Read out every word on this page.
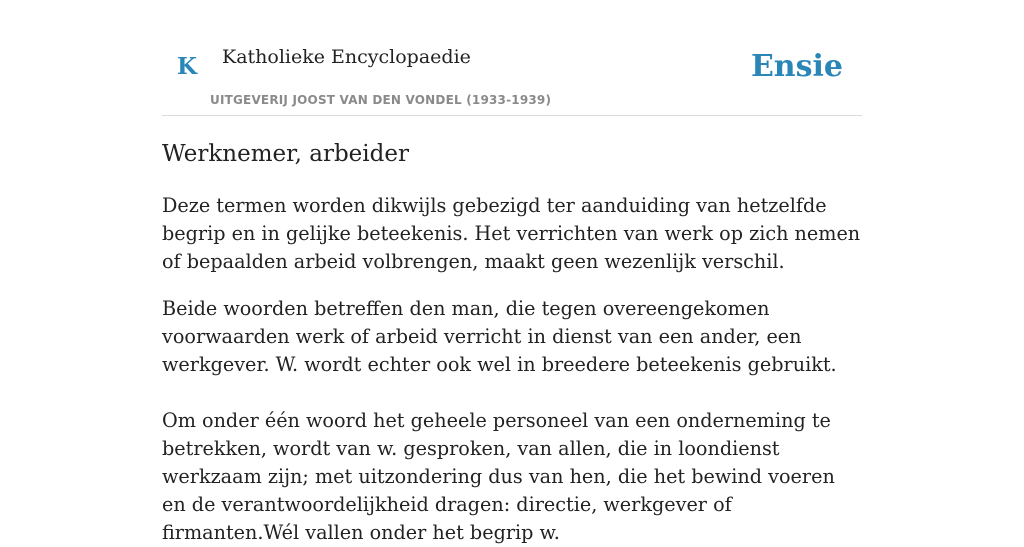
K Katholieke Encyclopaedie
UITGEVERIJ JOOST VAN DEN VONDEL (1933-1939)
Ensie
Werknemer, arbeider

Deze termen worden dikwijls gebezigd ter aanduiding van hetzelfde begrip en in gelijke beteekenis. Het verrichten van werk op zich nemen of bepaalden arbeid volbrengen, maakt geen wezenlijk verschil.

Beide woorden betreffen den man, die tegen overeengekomen voorwaarden werk of arbeid verricht in dienst van een ander, een werkgever. W. wordt echter ook wel in breedere beteekenis gebruikt.

Om onder één woord het geheele personeel van een onderneming te betrekken, wordt van w. gesproken, van allen, die in loondienst werkzaam zijn; met uitzondering dus van hen, die het bewind voeren en de verantwoordelijkheid dragen: directie, werkgever of firmanten.Wél vallen onder het begrip w.
